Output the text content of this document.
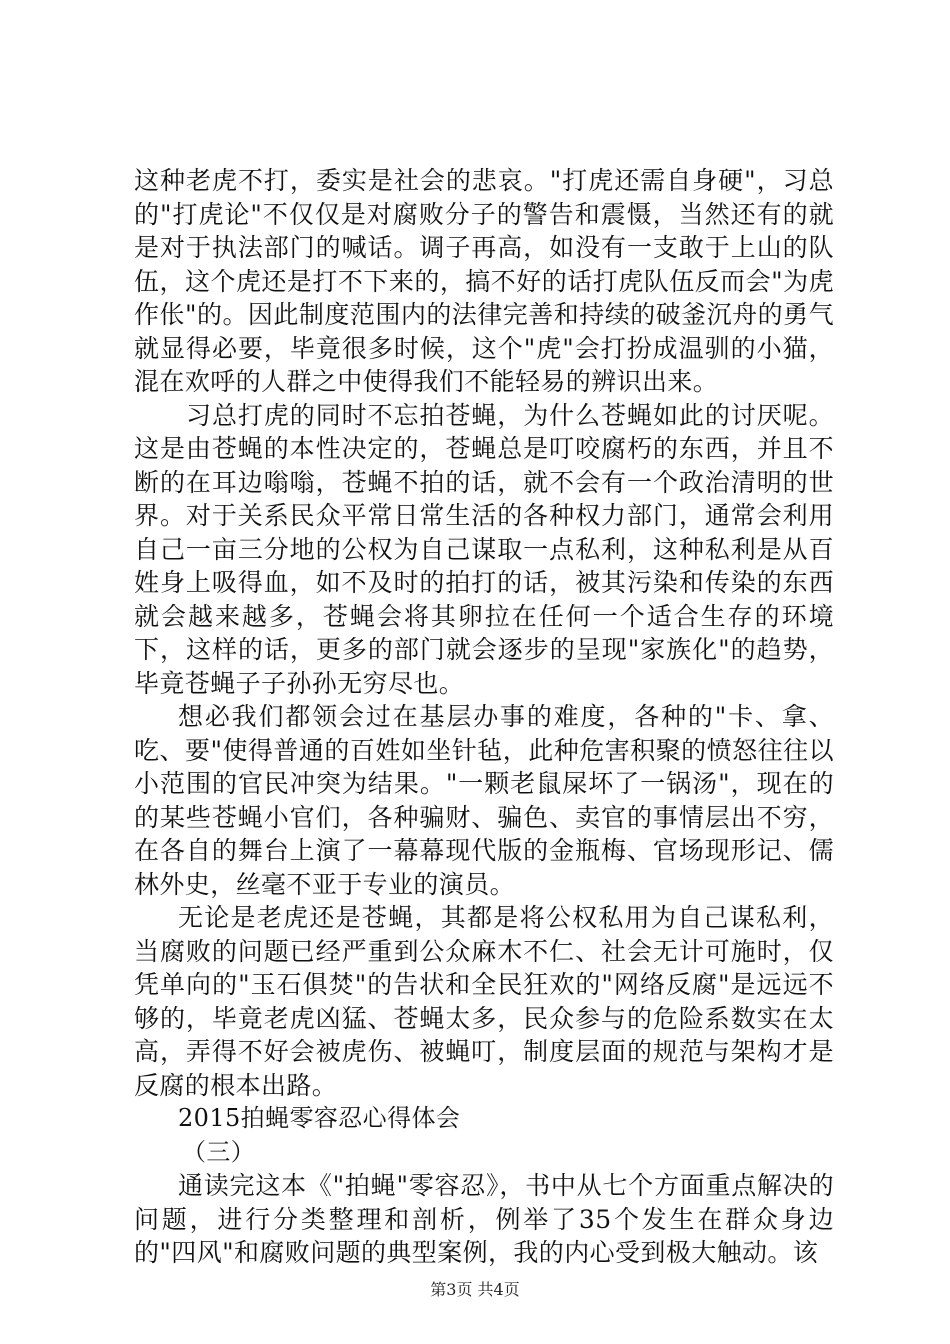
这种老虎不打，委实是社会的悲哀。"打虎还需自身硬"，习总的"打虎论"不仅仅是对腐败分子的警告和震慑，当然还有的就是对于执法部门的喊话。调子再高，如没有一支敢于上山的队伍，这个虎还是打不下来的，搞不好的话打虎队伍反而会"为虎作伥"的。因此制度范围内的法律完善和持续的破釜沉舟的勇气就显得必要，毕竟很多时候，这个"虎"会打扮成温驯的小猫，混在欢呼的人群之中使得我们不能轻易的辨识出来。

习总打虎的同时不忘拍苍蝇，为什么苍蝇如此的讨厌呢。这是由苍蝇的本性决定的，苍蝇总是叮咬腐朽的东西，并且不断的在耳边嗡嗡，苍蝇不拍的话，就不会有一个政治清明的世界。对于关系民众平常日常生活的各种权力部门，通常会利用自己一亩三分地的公权为自己谋取一点私利，这种私利是从百姓身上吸得血，如不及时的拍打的话，被其污染和传染的东西就会越来越多，苍蝇会将其卵拉在任何一个适合生存的环境下，这样的话，更多的部门就会逐步的呈现"家族化"的趋势，毕竟苍蝇子子孙孙无穷尽也。

想必我们都领会过在基层办事的难度，各种的"卡、拿、吃、要"使得普通的百姓如坐针毡，此种危害积聚的愤怒往往以小范围的官民冲突为结果。"一颗老鼠屎坏了一锅汤"，现在的的某些苍蝇小官们，各种骗财、骗色、卖官的事情层出不穷，在各自的舞台上演了一幕幕现代版的金瓶梅、官场现形记、儒林外史，丝毫不亚于专业的演员。

无论是老虎还是苍蝇，其都是将公权私用为自己谋私利，当腐败的问题已经严重到公众麻木不仁、社会无计可施时，仅凭单向的"玉石俱焚"的告状和全民狂欢的"网络反腐"是远远不够的，毕竟老虎凶猛、苍蝇太多，民众参与的危险系数实在太高，弄得不好会被虎伤、被蝇叮，制度层面的规范与架构才是反腐的根本出路。

2015拍蝇零容忍心得体会

（三）

通读完这本《"拍蝇"零容忍》，书中从七个方面重点解决的问题，进行分类整理和剖析，例举了35个发生在群众身边的"四风"和腐败问题的典型案例，我的内心受到极大触动。该

第3页 共4页
